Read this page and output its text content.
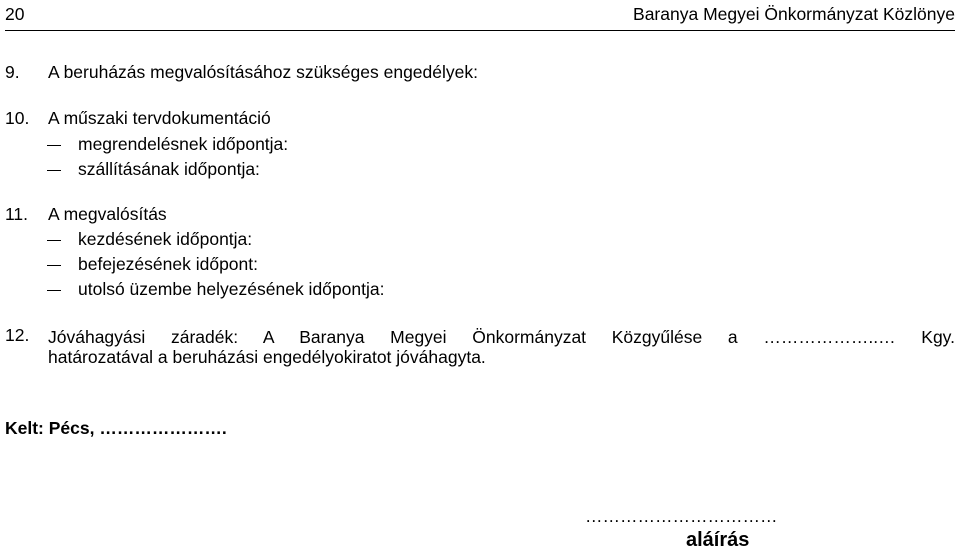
20	Baranya Megyei Önkormányzat Közlönye
9. A beruházás megvalósításához szükséges engedélyek:
10. A műszaki tervdokumentáció
megrendelésnek időpontja:
szállításának időpontja:
11. A megvalósítás
kezdésének időpontja:
befejezésének időpont:
utolsó üzembe helyezésének időpontja:
12. Jóváhagyási záradék: A Baranya Megyei Önkormányzat Közgyűlése a ………………..… Kgy.
határozatával a beruházási engedélyokiratot jóváhagyta.
Kelt: Pécs, ………………….
……………………………
aláírás
